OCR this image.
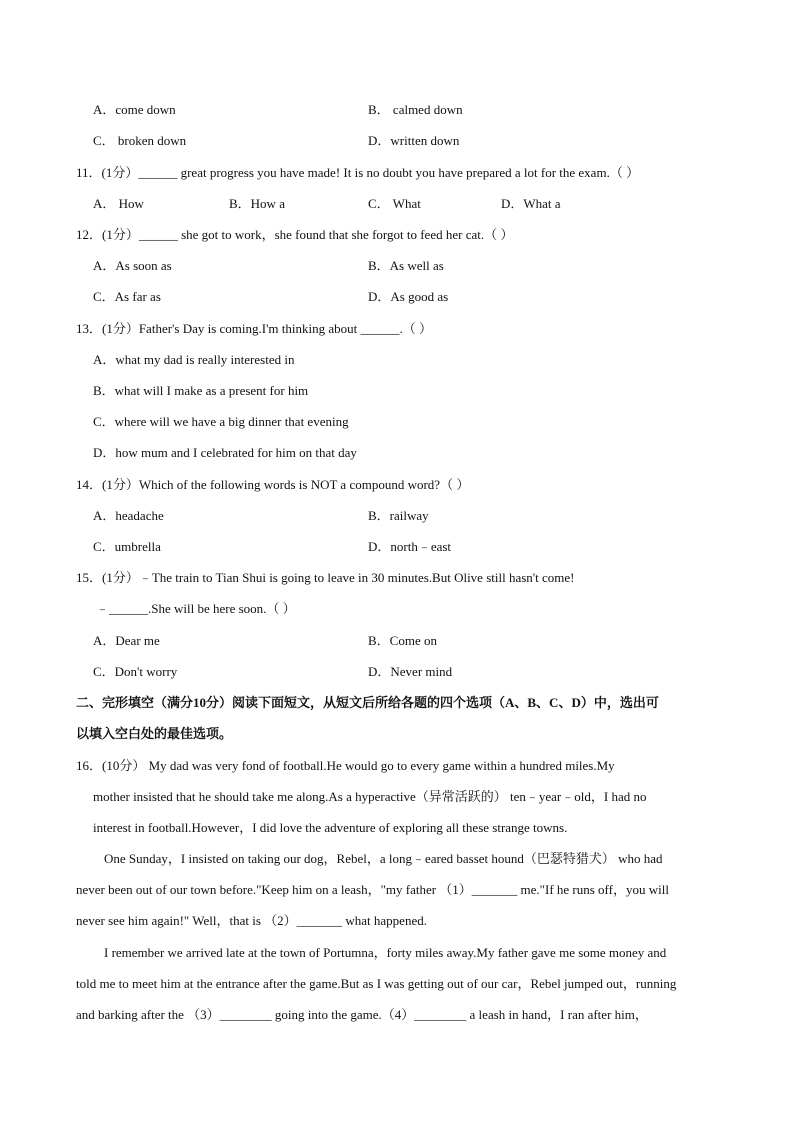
A．come down	B． calmed down
C． broken down	D．written down
11．(1分）______ great progress you have made! It is no doubt you have prepared a lot for the exam.（ ）
A． How	B．How a	C． What	D．What a
12．(1分）______ she got to work，she found that she forgot to feed her cat.（ ）
A．As soon as	B．As well as
C．As far as	D．As good as
13．(1分）Father's Day is coming.I'm thinking about ______.（ ）
A．what my dad is really interested in
B．what will I make as a present for him
C．where will we have a big dinner that evening
D．how mum and I celebrated for him on that day
14．(1分）Which of the following words is NOT a compound word?（ ）
A．headache	B．railway
C．umbrella	D．north﹣east
15．(1分）﹣The train to Tian Shui is going to leave in 30 minutes.But Olive still hasn't come!
﹣______.She will be here soon.（ ）
A．Dear me	B．Come on
C．Don't worry	D．Never mind
二、完形填空（满分10分）阅读下面短文，从短文后所给各题的四个选项（A、B、C、D）中，选出可
以填入空白处的最佳选项。
16．(10分） My dad was very fond of football.He would go to every game within a hundred miles.My
mother insisted that he should take me along.As a hyperactive（异常活跃的） ten﹣year﹣old，I had no
interest in football.However，I did love the adventure of exploring all these strange towns.
One Sunday，I insisted on taking our dog，Rebel，a long﹣eared basset hound（巴瑟特猎犬） who had
never been out of our town before."Keep him on a leash，"my father （1）_______ me."If he runs off，you will
never see him again!" Well，that is （2）_______ what happened.
I remember we arrived late at the town of Portumna，forty miles away.My father gave me some money and
told me to meet him at the entrance after the game.But as I was getting out of our car，Rebel jumped out，running
and barking after the （3）________ going into the game.（4）________ a leash in hand，I ran after him，
